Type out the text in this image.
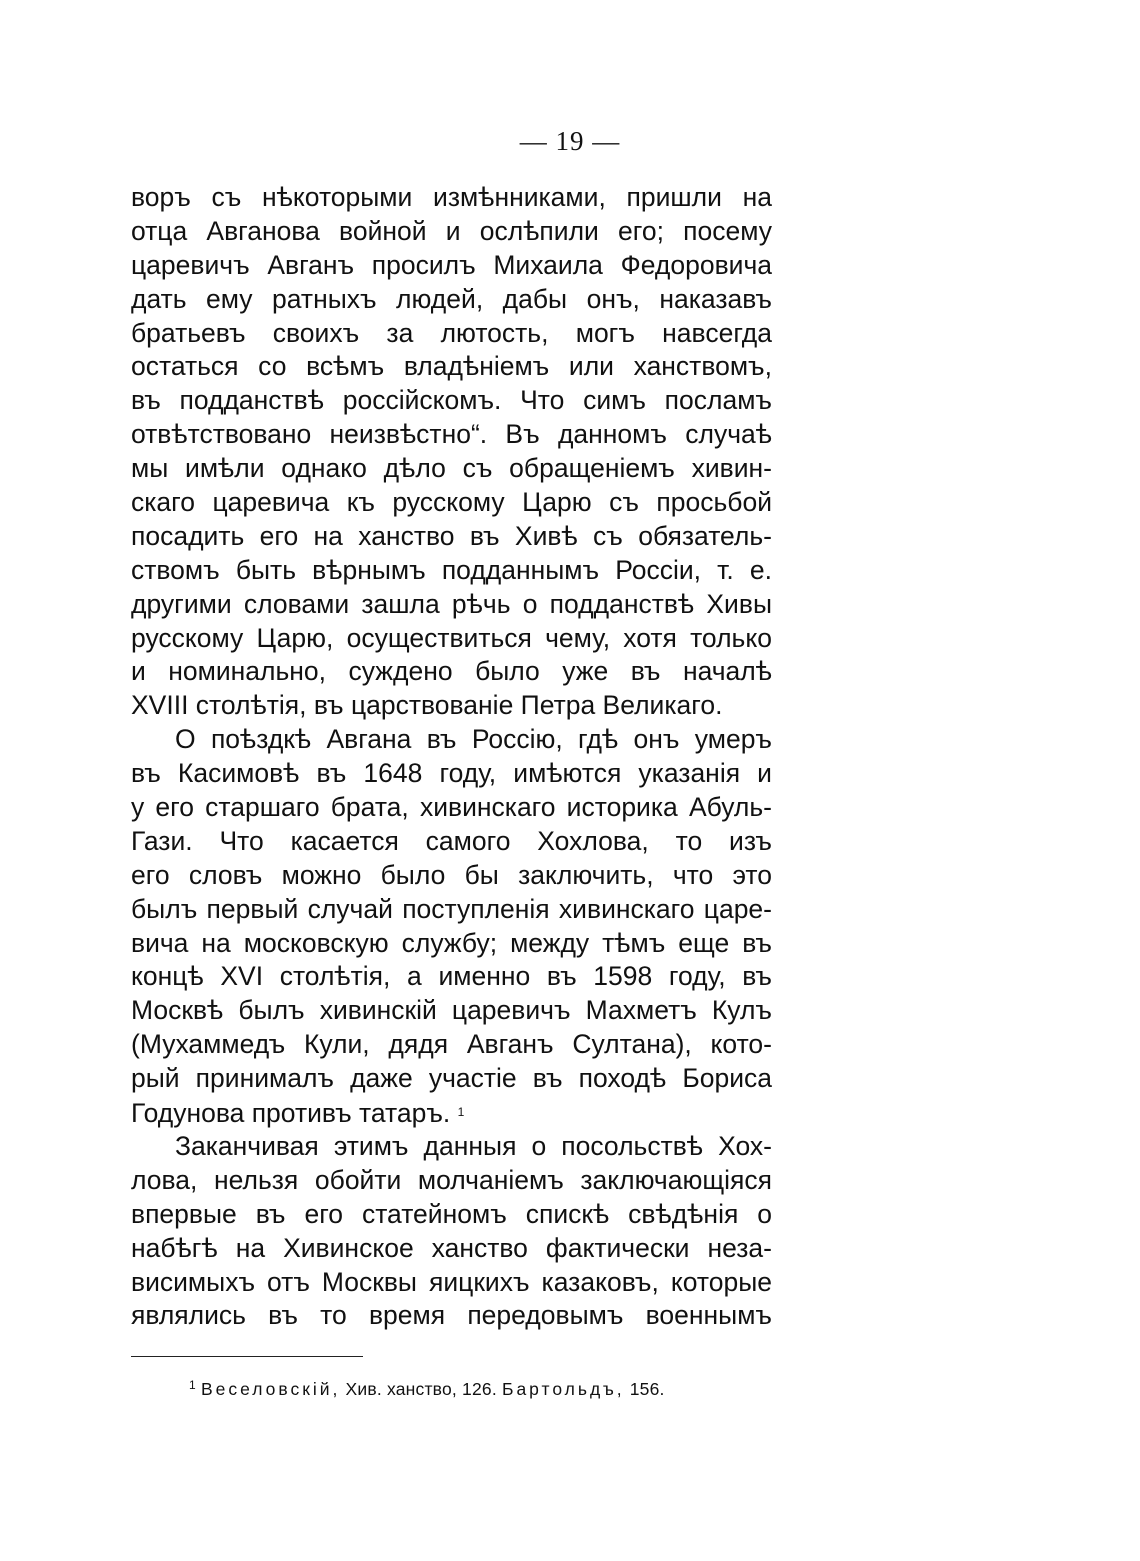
— 19 —
воръ съ нѣкоторыми измѣнниками, пришли на
отца Авганова войной и ослѣпили его; посему
царевичъ Авганъ просилъ Михаила Федоровича
дать ему ратныхъ людей, дабы онъ, наказавъ
братьевъ своихъ за лютость, могъ навсегда
остаться со всѣмъ владѣнiемъ или ханствомъ,
въ подданствѣ россiйскомъ. Что симъ посламъ
отвѣтствовано неизвѣстно“. Въ данномъ случаѣ
мы имѣли однако дѣло съ обращенiемъ хивин-
скаго царевича къ русскому Царю съ просьбой
посадить его на ханство въ Хивѣ съ обязатель-
ствомъ быть вѣрнымъ подданнымъ Россiи, т. е.
другими словами зашла рѣчь о подданствѣ Хивы
русскому Царю, осуществиться чему, хотя только
и номинально, суждено было уже въ началѣ
XVIII столѣтiя, въ царствованiе Петра Великаго.
О поѣздкѣ Авгана въ Россiю, гдѣ онъ умеръ
въ Касимовѣ въ 1648 году, имѣются указанiя и
у его старшаго брата, хивинскаго историка Абуль-
Гази. Что касается самого Хохлова, то изъ
его словъ можно было бы заключить, что это
былъ первый случай поступленiя хивинскаго царе-
вича на московскую службу; между тѣмъ еще въ
концѣ XVI столѣтiя, а именно въ 1598 году, въ
Москвѣ былъ хивинскiй царевичъ Махметъ Кулъ
(Мухаммедъ Кули, дядя Авганъ Султана), кото-
рый принималъ даже участiе въ походѣ Бориса
Годунова противъ татаръ. $^1$
Заканчивая этимъ данныя о посольствѣ Хох-
лова, нельзя обойти молчанiемъ заключающiяся
впервые въ его статейномъ спискѣ свѣдѣнiя о
набѣгѣ на Хивинское ханство фактически неза-
висимыхъ отъ Москвы яицкихъ казаковъ, которые
являлись въ то время передовымъ военнымъ
$^1$ Веселовскiй, Хив. ханство, 126. Бартольдъ, 156.
